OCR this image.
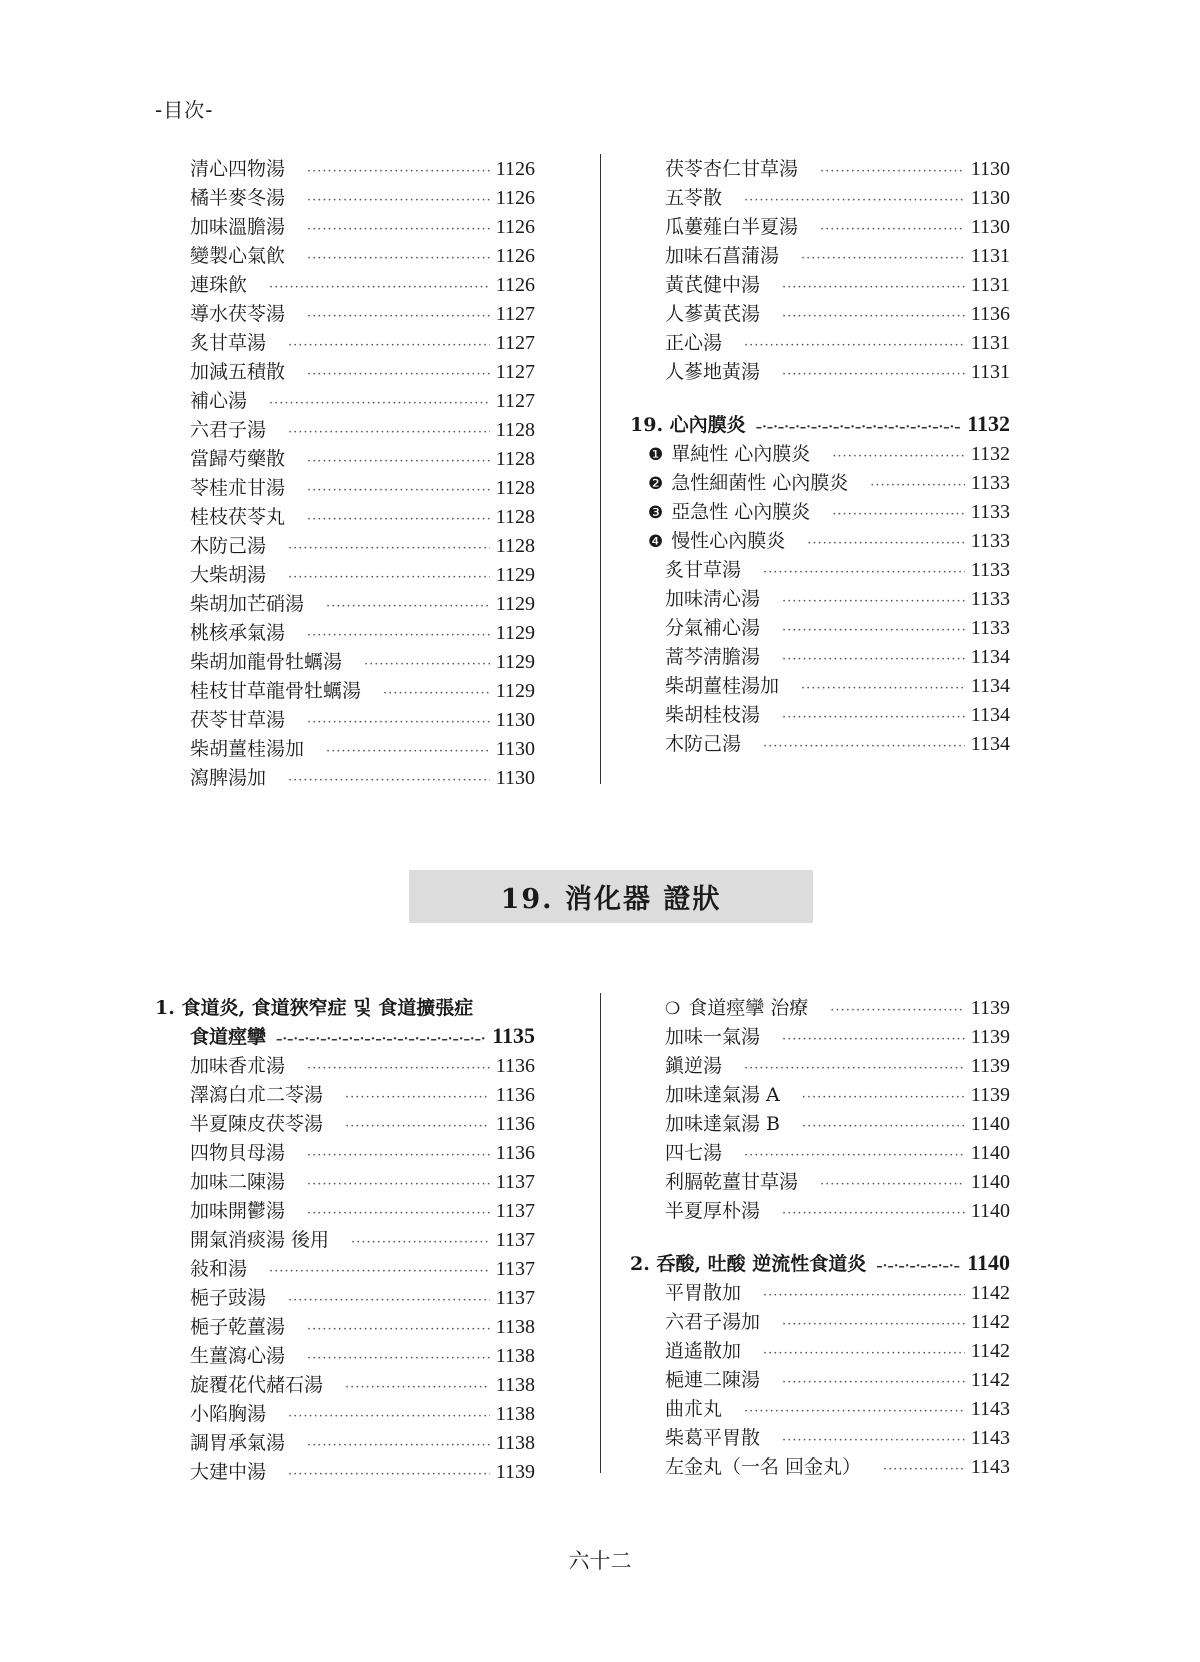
-目次-
清心四物湯 ·····	1126
橘半麥冬湯 ·····	1126
加味溫膽湯 ·····	1126
變製心氣飮 ·····	1126
連珠飮 ·····	1126
導水茯苓湯 ·····	1127
炙甘草湯 ·····	1127
加減五積散 ·····	1127
補心湯 ·····	1127
六君子湯 ·····	1128
當歸芍藥散 ·····	1128
苓桂朮甘湯 ·····	1128
桂枝茯苓丸 ·····	1128
木防己湯 ·····	1128
大柴胡湯 ·····	1129
柴胡加芒硝湯 ·····	1129
桃核承氣湯 ·····	1129
柴胡加龍骨牡蠣湯 ·····	1129
桂枝甘草龍骨牡蠣湯 ·····	1129
茯苓甘草湯 ·····	1130
柴胡薑桂湯加 ·····	1130
瀉脾湯加 ·····	1130
茯苓杏仁甘草湯 ·····	1130
五苓散 ·····	1130
瓜蔞薤白半夏湯 ·····	1130
加味石菖蒲湯 ·····	1131
黃芪健中湯 ·····	1131
人蔘黃芪湯 ·····	1136
正心湯 ·····	1131
人蔘地黃湯 ·····	1131
19. 心內膜炎 –·–·–	1132
❶ 單純性 心內膜炎 ·····	1132
❷ 急性細菌性 心內膜炎 ·····	1133
❸ 亞急性 心內膜炎 ·····	1133
❹ 慢性心內膜炎 ·····	1133
炙甘草湯 ·····	1133
加味淸心湯 ·····	1133
分氣補心湯 ·····	1133
蒿芩淸膽湯 ·····	1134
柴胡薑桂湯加 ·····	1134
柴胡桂枝湯 ·····	1134
木防己湯 ·····	1134
19. 消化器 證狀
1. 食道炎, 食道狹窄症 및 食道擴張症
食道痙攣 –·–·–	1135
加味香朮湯 ·····	1136
澤瀉白朮二苓湯 ·····	1136
半夏陳皮茯苓湯 ·····	1136
四物貝母湯 ·····	1136
加味二陳湯 ·····	1137
加味開鬱湯 ·····	1137
開氣消痰湯 後用 ·····	1137
敍和湯 ·····	1137
梔子豉湯 ·····	1137
梔子乾薑湯 ·····	1138
生薑瀉心湯 ·····	1138
旋覆花代赭石湯 ·····	1138
小陷胸湯 ·····	1138
調胃承氣湯 ·····	1138
大建中湯 ·····	1139
❍ 食道痙攣 治療 ·····	1139
加味一氣湯 ·····	1139
鎭逆湯 ·····	1139
加味達氣湯 A ·····	1139
加味達氣湯 B ·····	1140
四七湯 ·····	1140
利膈乾薑甘草湯 ·····	1140
半夏厚朴湯 ·····	1140
2. 呑酸, 吐酸 逆流性食道炎 –·–·–	1140
平胃散加 ·····	1142
六君子湯加 ·····	1142
逍遙散加 ·····	1142
梔連二陳湯 ·····	1142
曲朮丸 ·····	1143
柴葛平胃散 ·····	1143
左金丸（一名 回金丸） ·····	1143
六十二
